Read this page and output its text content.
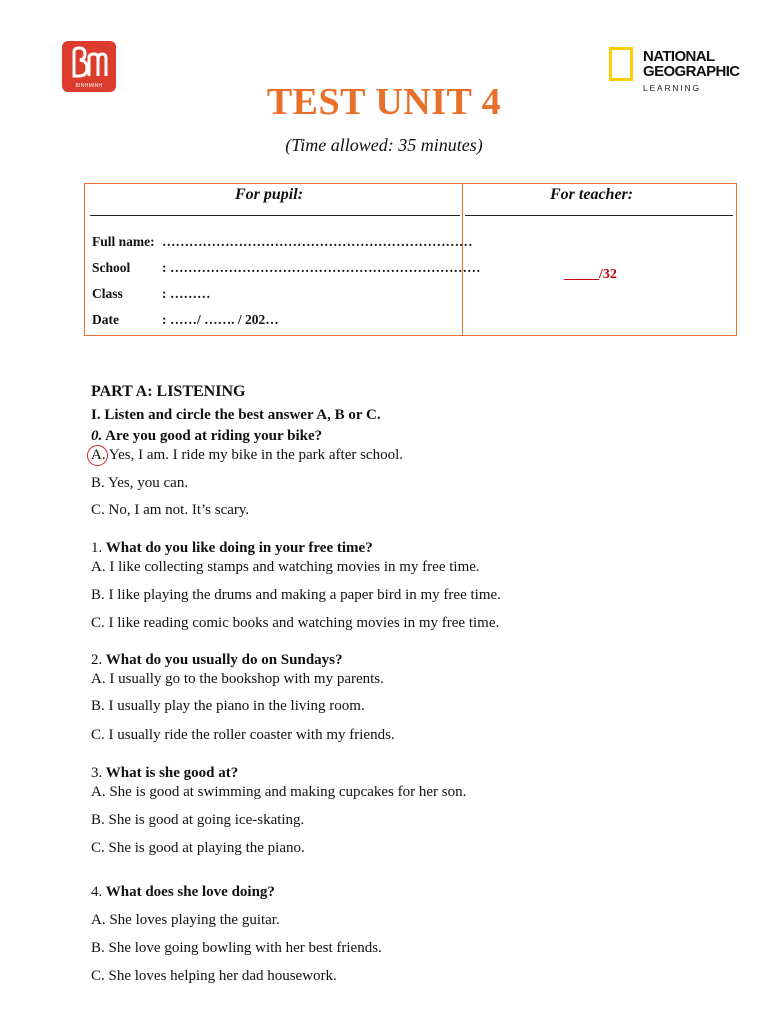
BINHMINH
NATIONAL
GEOGRAPHIC
LEARNING
TEST UNIT 4
(Time allowed: 35 minutes)
For pupil:	For teacher:
Full name: ……………………………………………………………
School : ……………………………………………………………
Class	: ………
Date	: ……/ ……. / 202…
_____/32
PART A: LISTENING
I. Listen and circle the best answer A, B or C.
0. Are you good at riding your bike?
A. Yes, I am. I ride my bike in the park after school.
B. Yes, you can.
C. No, I am not. It’s scary.
1. What do you like doing in your free time?
A. I like collecting stamps and watching movies in my free time.
B. I like playing the drums and making a paper bird in my free time.
C. I like reading comic books and watching movies in my free time.
2. What do you usually do on Sundays?
A. I usually go to the bookshop with my parents.
B. I usually play the piano in the living room.
C. I usually ride the roller coaster with my friends.
3. What is she good at?
A. She is good at swimming and making cupcakes for her son.
B. She is good at going ice-skating.
C. She is good at playing the piano.
4. What does she love doing?
A. She loves playing the guitar.
B. She love going bowling with her best friends.
C. She loves helping her dad housework.
